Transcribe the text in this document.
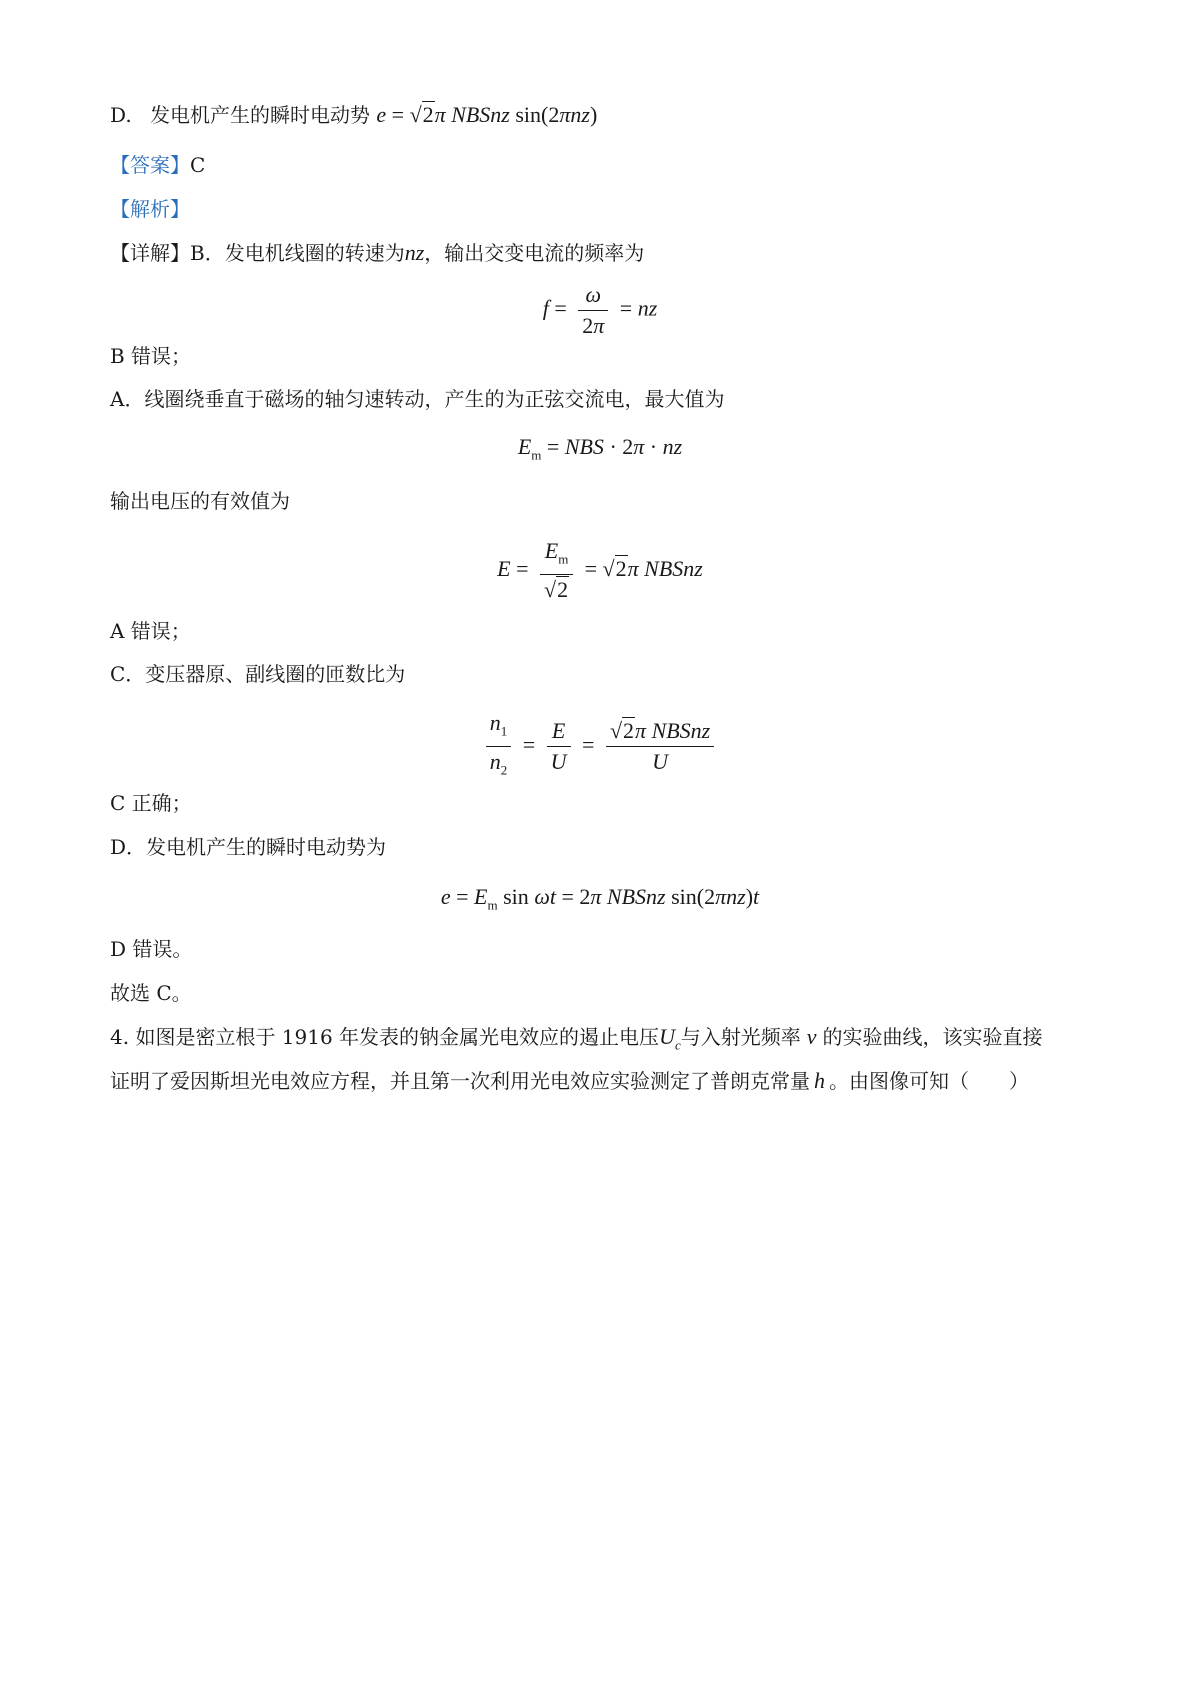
D. 发电机产生的瞬时电动势 e = √2π NBSnz sin(2πnz)
【答案】C
【解析】
【详解】B．发电机线圈的转速为nz，输出交变电流的频率为
$f = \frac{\omega}{2\pi}$ = nz
B 错误；
A．线圈绕垂直于磁场的轴匀速转动，产生的为正弦交流电，最大值为
$E_m$ = NBS · 2π · nz
输出电压的有效值为
$E = \frac{E_m}{√2} = √2\pi$ NBSnz
A 错误；
C．变压器原、副线圈的匝数比为
$\frac{n_1}{n_2} = \frac{E}{U} = \frac{\text{√2π NBSnz}}{U}$
C 正确；
D．发电机产生的瞬时电动势为
$e = E_m$ sin ωt = 2π NBSnz sin(2πnz)t
D 错误。
故选 C。
4. 如图是密立根于 1916 年发表的钠金属光电效应的遏止电压$U_c$与入射光频率 ν 的实验曲线，该实验直接
证明了爱因斯坦光电效应方程，并且第一次利用光电效应实验测定了普朗克常量 h 。由图像可知（　　）
